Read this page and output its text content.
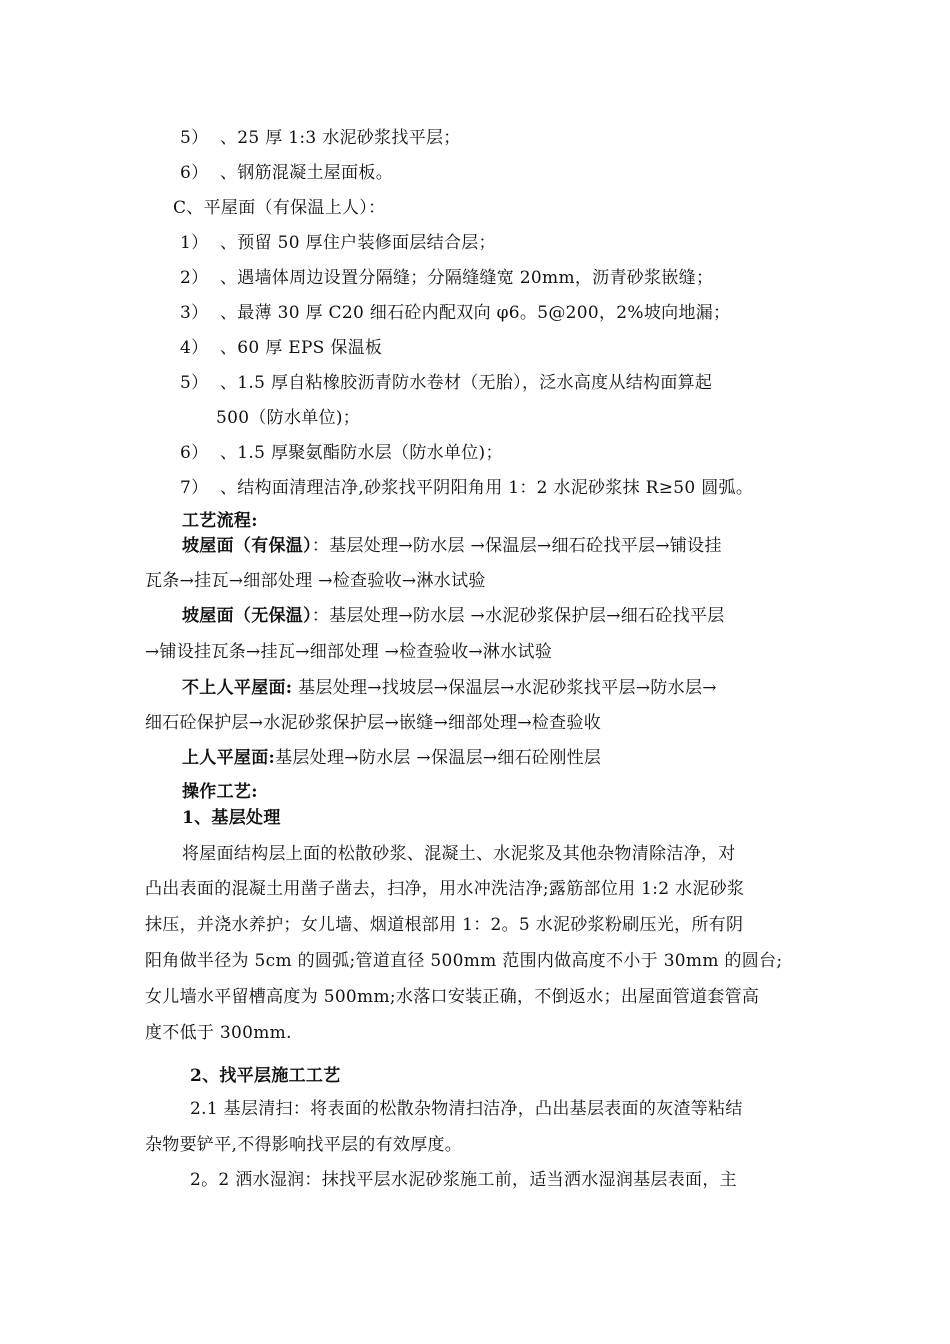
5） 、25 厚 1:3 水泥砂浆找平层；
6） 、钢筋混凝土屋面板。
C、平屋面（有保温上人）：
1） 、预留 50 厚住户装修面层结合层；
2） 、遇墙体周边设置分隔缝；分隔缝缝宽 20mm，沥青砂浆嵌缝；
3） 、最薄 30 厚 C20 细石砼内配双向 φ6。5@200，2%坡向地漏；
4） 、60 厚 EPS 保温板
5） 、1.5 厚自粘橡胶沥青防水卷材（无胎），泛水高度从结构面算起
500（防水单位)；
6） 、1.5 厚聚氨酯防水层（防水单位)；
7） 、结构面清理洁净,砂浆找平阴阳角用 1：2 水泥砂浆抹 R≥50 圆弧。
工艺流程:
坡屋面（有保温）：基层处理→防水层 →保温层→细石砼找平层→铺设挂
瓦条→挂瓦→细部处理 →检查验收→淋水试验
坡屋面（无保温）：基层处理→防水层 →水泥砂浆保护层→细石砼找平层
→铺设挂瓦条→挂瓦→细部处理 →检查验收→淋水试验
不上人平屋面: 基层处理→找坡层→保温层→水泥砂浆找平层→防水层→
细石砼保护层→水泥砂浆保护层→嵌缝→细部处理→检查验收
上人平屋面:基层处理→防水层 →保温层→细石砼刚性层
操作工艺:
1、基层处理
将屋面结构层上面的松散砂浆、混凝土、水泥浆及其他杂物清除洁净，对
凸出表面的混凝土用凿子凿去，扫净，用水冲洗洁净;露筋部位用 1:2 水泥砂浆
抹压，并浇水养护；女儿墙、烟道根部用 1：2。5 水泥砂浆粉刷压光，所有阴
阳角做半径为 5cm 的圆弧;管道直径 500mm 范围内做高度不小于 30mm 的圆台;
女儿墙水平留槽高度为 500mm;水落口安装正确，不倒返水；出屋面管道套管高
度不低于 300mm.
2、找平层施工工艺
2.1 基层清扫：将表面的松散杂物清扫洁净，凸出基层表面的灰渣等粘结
杂物要铲平,不得影响找平层的有效厚度。
2。2 洒水湿润：抹找平层水泥砂浆施工前，适当洒水湿润基层表面，主
